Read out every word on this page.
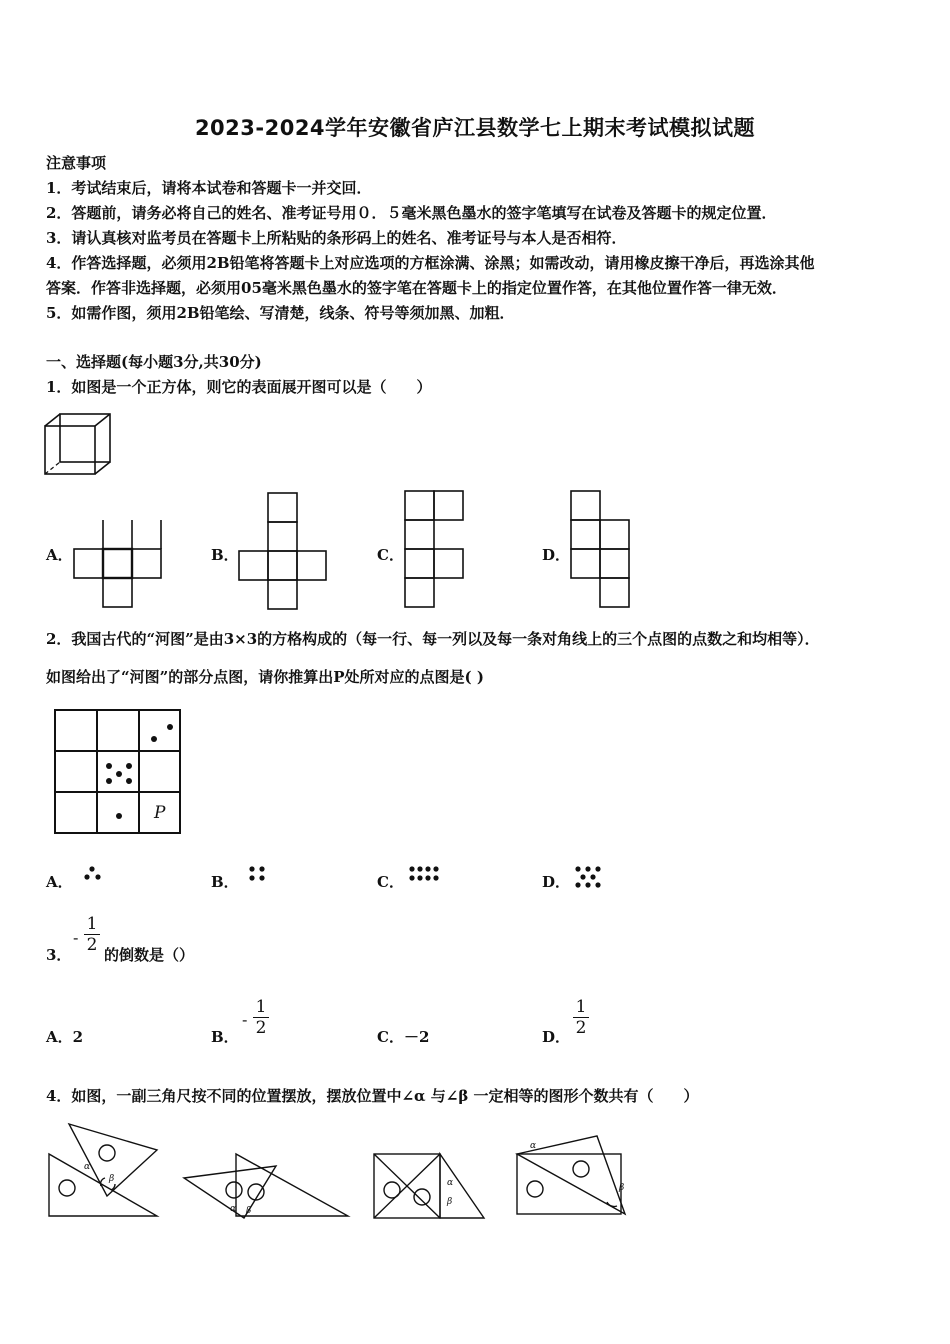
2023-2024学年安徽省庐江县数学七上期末考试模拟试题
注意事项
1．考试结束后，请将本试卷和答题卡一并交回．
2．答题前，请务必将自己的姓名、准考证号用０．５毫米黑色墨水的签字笔填写在试卷及答题卡的规定位置．
3．请认真核对监考员在答题卡上所粘贴的条形码上的姓名、准考证号与本人是否相符．
4．作答选择题，必须用2B铅笔将答题卡上对应选项的方框涂满、涂黑；如需改动，请用橡皮擦干净后，再选涂其他
答案．作答非选择题，必须用05毫米黑色墨水的签字笔在答题卡上的指定位置作答，在其他位置作答一律无效．
5．如需作图，须用2B铅笔绘、写清楚，线条、符号等须加黑、加粗．
一、选择题(每小题3分,共30分)
1．如图是一个正方体，则它的表面展开图可以是（　　）
A．	B．	C．	D．
2．我国古代的“河图”是由3×3的方格构成的（每一行、每一列以及每一条对角线上的三个点图的点数之和均相等）．
如图给出了“河图”的部分点图，请你推算出P处所对应的点图是( )
P
A．	B．	C．	D．
3．
- $\frac{1}{2}$ 的倒数是（）
A．2	B．
- $\frac{1}{2}$	C．－2	D． $\frac{1}{2}$
4．如图，一副三角尺按不同的位置摆放，摆放位置中∠α 与∠β 一定相等的图形个数共有（　　）
α
β
α β
α
β
α
β
